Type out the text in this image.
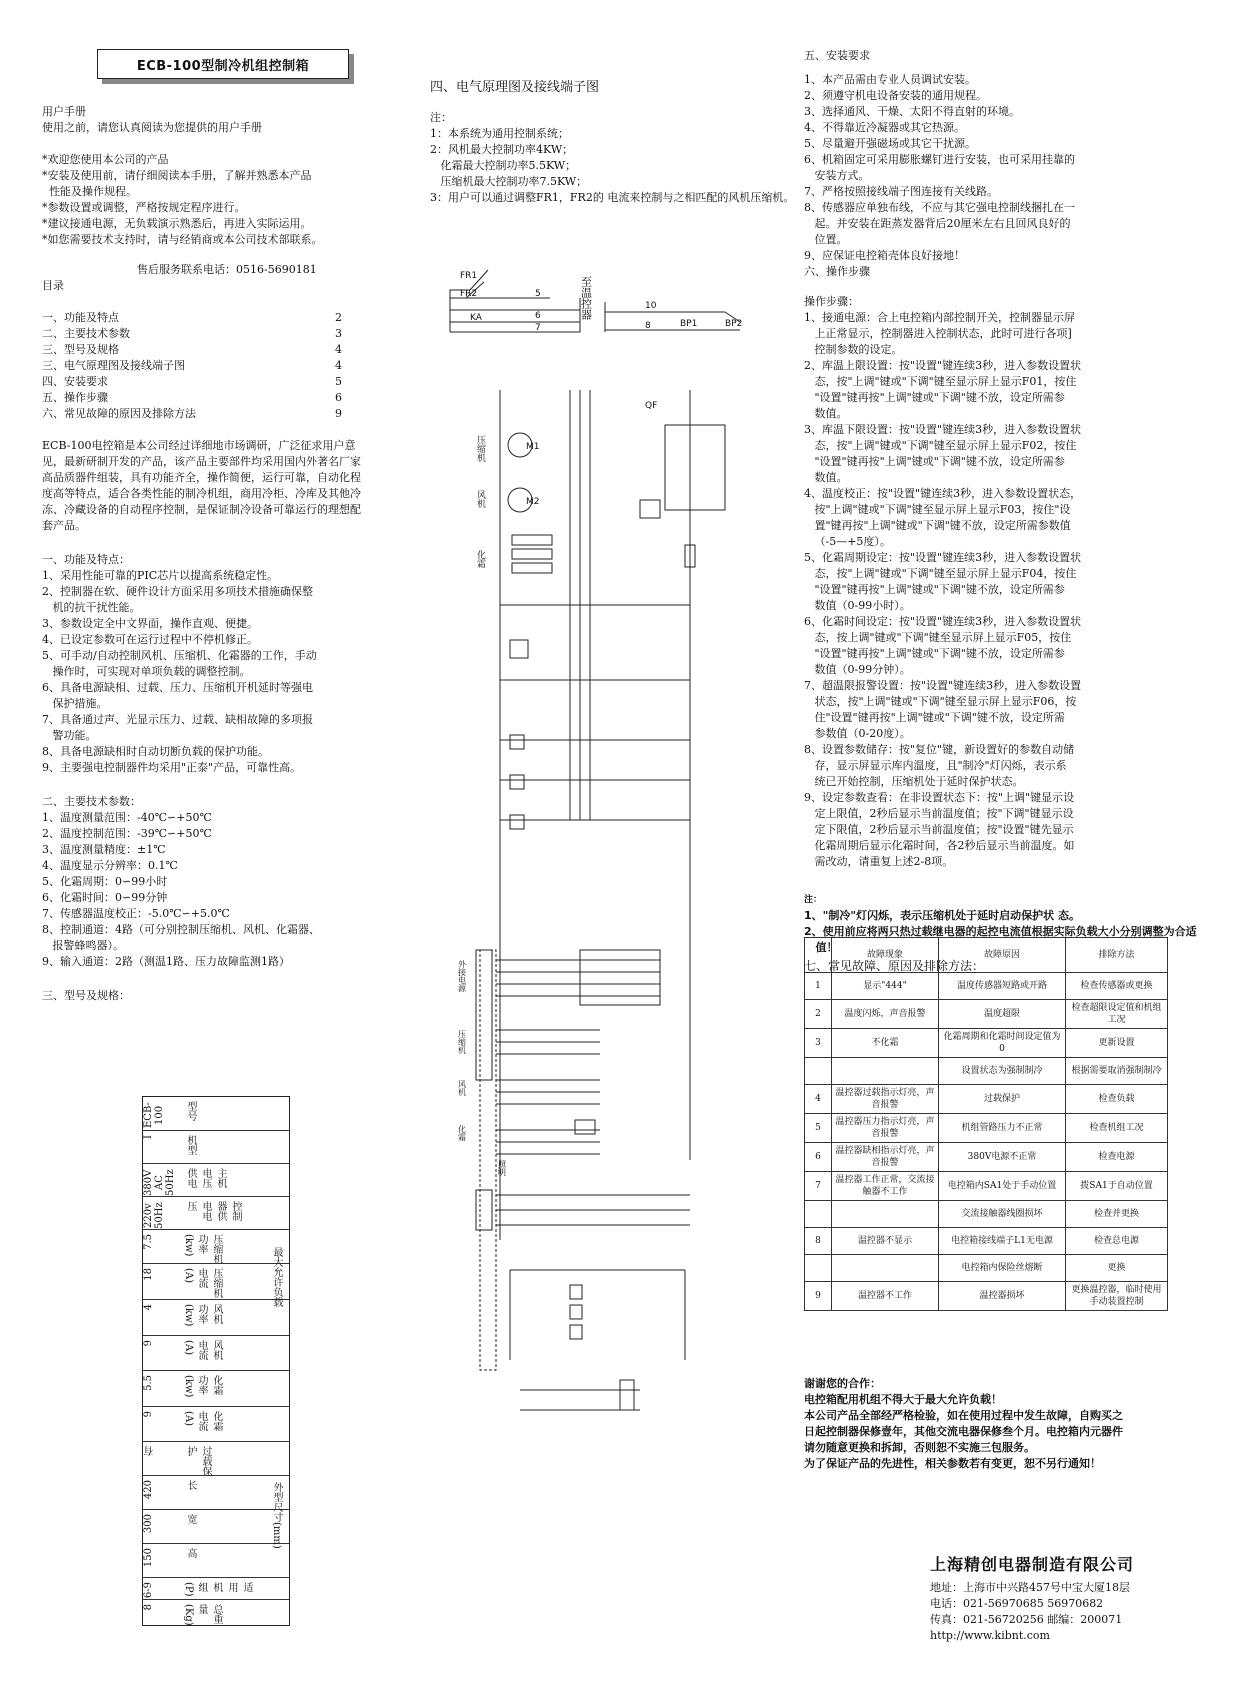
ECB-100型制冷机组控制箱
用户手册
使用之前，请您认真阅读为您提供的用户手册
*欢迎您使用本公司的产品
*安装及使用前，请仔细阅读本手册，了解并熟悉本产品
性能及操作规程。
*参数设置或调整，严格按规定程序进行。
*建议接通电源，无负载演示熟悉后，再进入实际运用。
*如您需要技术支持时，请与经销商或本公司技术部联系。
售后服务联系电话：0516-5690181
目录
一、功能及特点	2
二、主要技术参数	3
三、型号及规格	4
三、电气原理图及接线端子图	4
四、安装要求	5
五、操作步骤	6
六、常见故障的原因及排除方法	9
ECB-100电控箱是本公司经过详细地市场调研，广泛征求用户意
见，最新研制开发的产品，该产品主要部件均采用国内外著名厂家
高品质器件组装，具有功能齐全，操作简便，运行可靠，自动化程
度高等特点，适合各类性能的制冷机组，商用冷柜、冷库及其他冷
冻、冷藏设备的自动程序控制，是保证制冷设备可靠运行的理想配
套产品。
一、功能及特点：
1、采用性能可靠的PIC芯片以提高系统稳定性。
2、控制器在软、硬件设计方面采用多项技术措施确保整
机的抗干扰性能。
3、参数设定全中文界面，操作直观、便捷。
4、已设定参数可在运行过程中不停机修正。
5、可手动/自动控制风机、压缩机、化霜器的工作，手动
操作时，可实现对单项负载的调整控制。
6、具备电源缺相、过载、压力、压缩机开机延时等强电
保护措施。
7、具备通过声、光显示压力、过载、缺相故障的多项报
警功能。
8、具备电源缺相时自动切断负载的保护功能。
9、主要强电控制器件均采用"正泰"产品，可靠性高。
二、主要技术参数：
1、温度测量范围：-40℃∽+50℃
2、温度控制范围：-39℃∽+50℃
3、温度测量精度：±1℃
4、温度显示分辨率：0.1℃
5、化霜周期：0∽99小时
6、化霜时间：0∽99分钟
7、传感器温度校正：-5.0℃∽+5.0℃
8、控制通道：4路（可分别控制压缩机、风机、化霜器、
报警蜂鸣器）。
9、输入通道：2路（测温1路、压力故障监测1路）
三、型号及规格：
ECB-100	型号
I	机型
380V AC 50Hz	主机电压供电
220v 50Hz	控制器供电电压
7.5	压缩机 功率(kw)
18	压缩机 电流(A)
4	风机 功率(kw)
9	风机 电流(A)
5.5	化霜 功率(kw)
9	化霜 电流(A)
有	过载保护
420	长
300	宽
150	高
6-9	适用机组(P)
8	总重量(Kg)
最大允许负载
外型尺寸(mm)
四、电气原理图及接线端子图
注：
1：本系统为通用控制系统；
2：风机最大控制功率4KW；
化霜最大控制功率5.5KW；
压缩机最大控制功率7.5KW；
3：用户可以通过调整FR1，FR2的 电流来控制与之相匹配的风机压缩机。
FR1
FR2
KA
5
6
7
10
8	BP1	BP2
至温控器
M1
M2
压缩机
风机
化霜
QF
外接电源
压缩机
风机
化霜
照明
五、安装要求
1、本产品需由专业人员调试安装。
2、须遵守机电设备安装的通用规程。
3、选择通风、干燥、太阳不得直射的环境。
4、不得靠近冷凝器或其它热源。
5、尽量避开强磁场或其它干扰源。
6、机箱固定可采用膨胀螺钉进行安装，也可采用挂靠的
安装方式。
7、严格按照接线端子图连接有关线路。
8、传感器应单独布线，不应与其它强电控制线捆扎在一
起。并安装在距蒸发器背后20厘米左右且回风良好的
位置。
9、应保证电控箱壳体良好接地！
六、操作步骤
操作步骤：
1、接通电源：合上电控箱内部控制开关，控制器显示屏
上正常显示，控制器进入控制状态，此时可进行各项]
控制参数的设定。
2、库温上限设置：按"设置"键连续3秒，进入参数设置状
态，按"上调"键或"下调"键至显示屏上显示F01，按住
"设置"键再按"上调"键或"下调"键不放，设定所需参
数值。
3、库温下限设置：按"设置"键连续3秒，进入参数设置状
态，按"上调"键或"下调"键至显示屏上显示F02，按住
"设置"键再按"上调"键或"下调"键不放，设定所需参
数值。
4、温度校正：按"设置"键连续3秒，进入参数设置状态，
按"上调"键或"下调"键至显示屏上显示F03，按住"设
置"键再按"上调"键或"下调"键不放，设定所需参数值
（-5—+5度）。
5、化霜周期设定：按"设置"键连续3秒，进入参数设置状
态，按"上调"键或"下调"键至显示屏上显示F04，按住
"设置"键再按"上调"键或"下调"键不放，设定所需参
数值（0-99小时）。
6、化霜时间设定：按"设置"键连续3秒，进入参数设置状
态，按上调"键或"下调"键至显示屏上显示F05，按住
"设置"键再按"上调"键或"下调"键不放，设定所需参
数值（0-99分钟）。
7、超温限报警设置：按"设置"键连续3秒，进入参数设置
状态，按"上调"键或"下调"键至显示屏上显示F06，按
住"设置"键再按"上调"键或"下调"键不放，设定所需
参数值（0-20度）。
8、设置参数储存：按"复位"键，新设置好的参数自动储
存，显示屏显示库内温度，且"制冷"灯闪烁，表示系
统已开始控制，压缩机处于延时保护状态。
9、设定参数查看：在非设置状态下：按"上调"键显示设
定上限值，2秒后显示当前温度值；按"下调"键显示设
定下限值，2秒后显示当前温度值；按"设置"键先显示
化霜周期后显示化霜时间，各2秒后显示当前温度。如
需改动，请重复上述2-8项。
注：
1、"制冷"灯闪烁，表示压缩机处于延时启动保护状 态。
2、使用前应将两只热过载继电器的起控电流值根据实际负载大小分别调整为合适
值！
七、常见故障、原因及排除方法：
	故障现象	故障原因	排除方法
1	显示"444"	温度传感器短路或开路	检查传感器或更换
2	温度闪烁，声音报警	温度超限	检查超限设定值和机组工况
3	不化霜	化霜周期和化霜时间设定值为0	更新设置
		设置状态为强制制冷	根据需要取消强制制冷
4	温控器过载指示灯亮，声音报警	过载保护	检查负载
5	温控器压力指示灯亮，声音报警	机组管路压力不正常	检查机组工况
6	温控器缺相指示灯亮，声音报警	380V电源不正常	检查电源
7	温控器工作正常，交流接触器不工作	电控箱内SA1处于手动位置	拨SA1于自动位置
		交流接触器线圈损坏	检查并更换
8	温控器不显示	电控箱接线端子L1无电源	检查总电源
		电控箱内保险丝熔断	更换
9	温控器不工作	温控器损坏	更换温控器，临时使用手动装置控制
谢谢您的合作：
电控箱配用机组不得大于最大允许负载！
本公司产品全部经严格检验，如在使用过程中发生故障，自购买之
日起控制器保修壹年，其他交流电器保修叁个月。电控箱内元器件
请勿随意更换和拆卸，否则恕不实施三包服务。
为了保证产品的先进性，相关参数若有变更，恕不另行通知！
上海精创电器制造有限公司
地址：上海市中兴路457号中宝大厦18层
电话：021-56970685 56970682
传真：021-56720256 邮编：200071
http://www.kibnt.com
